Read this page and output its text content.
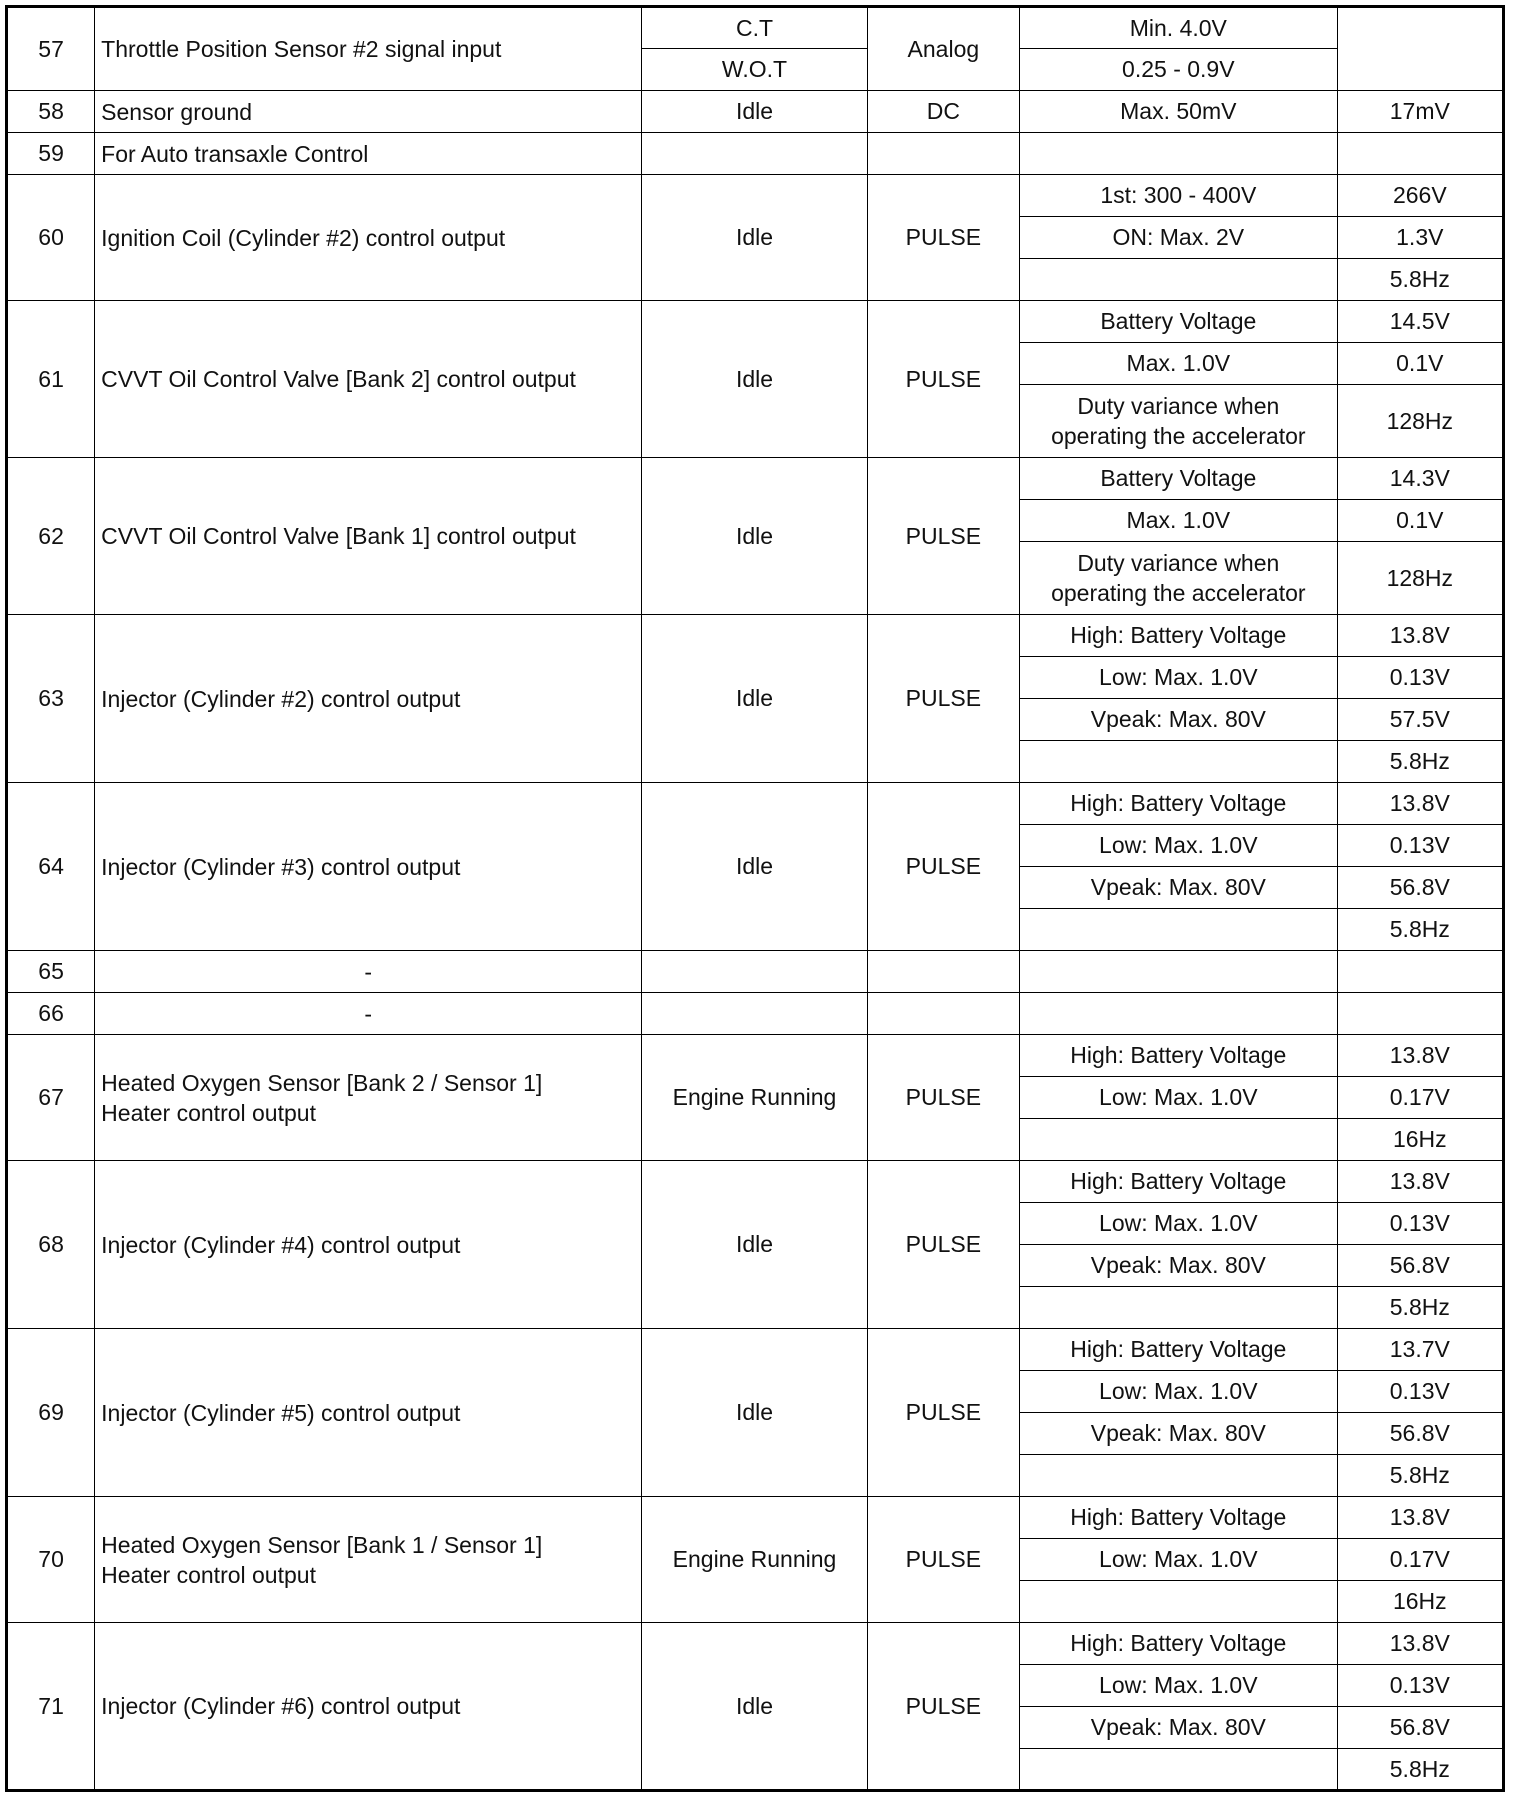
57	Throttle Position Sensor #2 signal input	C.T	Analog	Min. 4.0V	
		W.O.T		0.25 - 0.9V	
58	Sensor ground	Idle	DC	Max. 50mV	17mV
59	For Auto transaxle Control				
60	Ignition Coil (Cylinder #2) control output	Idle	PULSE	1st: 300 - 400V	266V
				ON: Max. 2V	1.3V
					5.8Hz
61	CVVT Oil Control Valve [Bank 2] control output	Idle	PULSE	Battery Voltage	14.5V
				Max. 1.0V	0.1V

				Duty variance when
operating the accelerator	128Hz
62	CVVT Oil Control Valve [Bank 1] control output	Idle	PULSE	Battery Voltage	14.3V
				Max. 1.0V	0.1V

				Duty variance when
operating the accelerator	128Hz
63	Injector (Cylinder #2) control output	Idle	PULSE	High: Battery Voltage	13.8V
				Low: Max. 1.0V	0.13V
				Vpeak: Max. 80V	57.5V
					5.8Hz
64	Injector (Cylinder #3) control output	Idle	PULSE	High: Battery Voltage	13.8V
				Low: Max. 1.0V	0.13V
				Vpeak: Max. 80V	56.8V
					5.8Hz
65	-				
66	-				
67	Heated Oxygen Sensor [Bank 2 / Sensor 1]
Heater control output	Engine Running	PULSE	High: Battery Voltage	13.8V
				Low: Max. 1.0V	0.17V
					16Hz
68	Injector (Cylinder #4) control output	Idle	PULSE	High: Battery Voltage	13.8V
				Low: Max. 1.0V	0.13V
				Vpeak: Max. 80V	56.8V
					5.8Hz
69	Injector (Cylinder #5) control output	Idle	PULSE	High: Battery Voltage	13.7V
				Low: Max. 1.0V	0.13V
				Vpeak: Max. 80V	56.8V
					5.8Hz
70	Heated Oxygen Sensor [Bank 1 / Sensor 1]
Heater control output	Engine Running	PULSE	High: Battery Voltage	13.8V
				Low: Max. 1.0V	0.17V
					16Hz
71	Injector (Cylinder #6) control output	Idle	PULSE	High: Battery Voltage	13.8V
				Low: Max. 1.0V	0.13V
				Vpeak: Max. 80V	56.8V
					5.8Hz
